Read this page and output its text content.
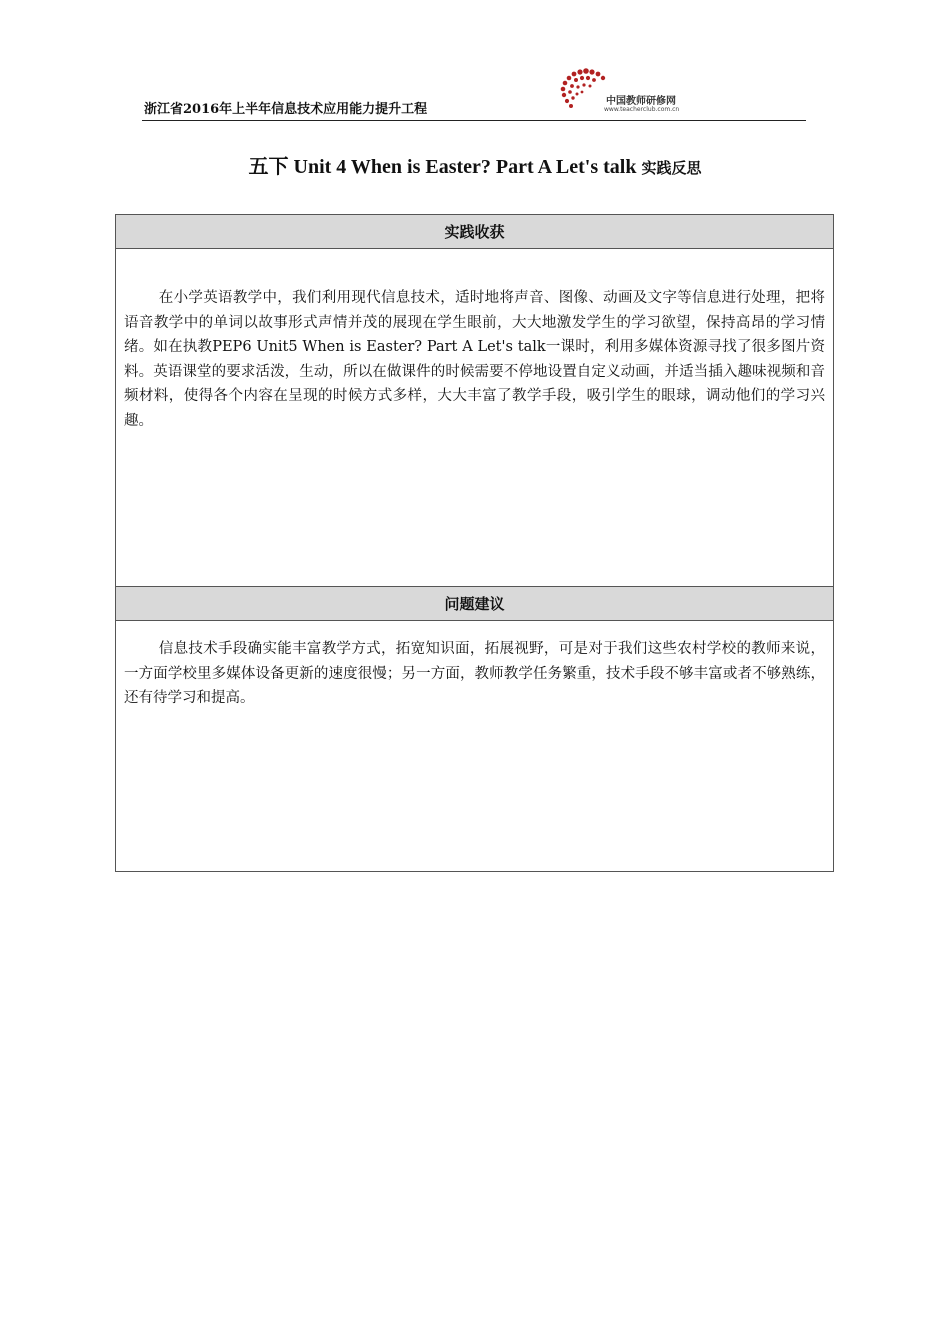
浙江省2016年上半年信息技术应用能力提升工程
中国教师研修网
www.teacherclub.com.cn
五下 Unit 4 When is Easter? Part A Let's talk 实践反思
实践收获
在小学英语教学中，我们利用现代信息技术，适时地将声音、图像、动画及文字等信息进行处理，把将语音教学中的单词以故事形式声情并茂的展现在学生眼前，大大地激发学生的学习欲望，保持高昂的学习情绪。如在执教PEP6 Unit5 When is Easter? Part A Let's talk一课时，利用多媒体资源寻找了很多图片资料。英语课堂的要求活泼，生动，所以在做课件的时候需要不停地设置自定义动画，并适当插入趣味视频和音频材料，使得各个内容在呈现的时候方式多样，大大丰富了教学手段，吸引学生的眼球，调动他们的学习兴趣。
问题建议
信息技术手段确实能丰富教学方式，拓宽知识面，拓展视野，可是对于我们这些农村学校的教师来说，一方面学校里多媒体设备更新的速度很慢；另一方面，教师教学任务繁重，技术手段不够丰富或者不够熟练，还有待学习和提高。
